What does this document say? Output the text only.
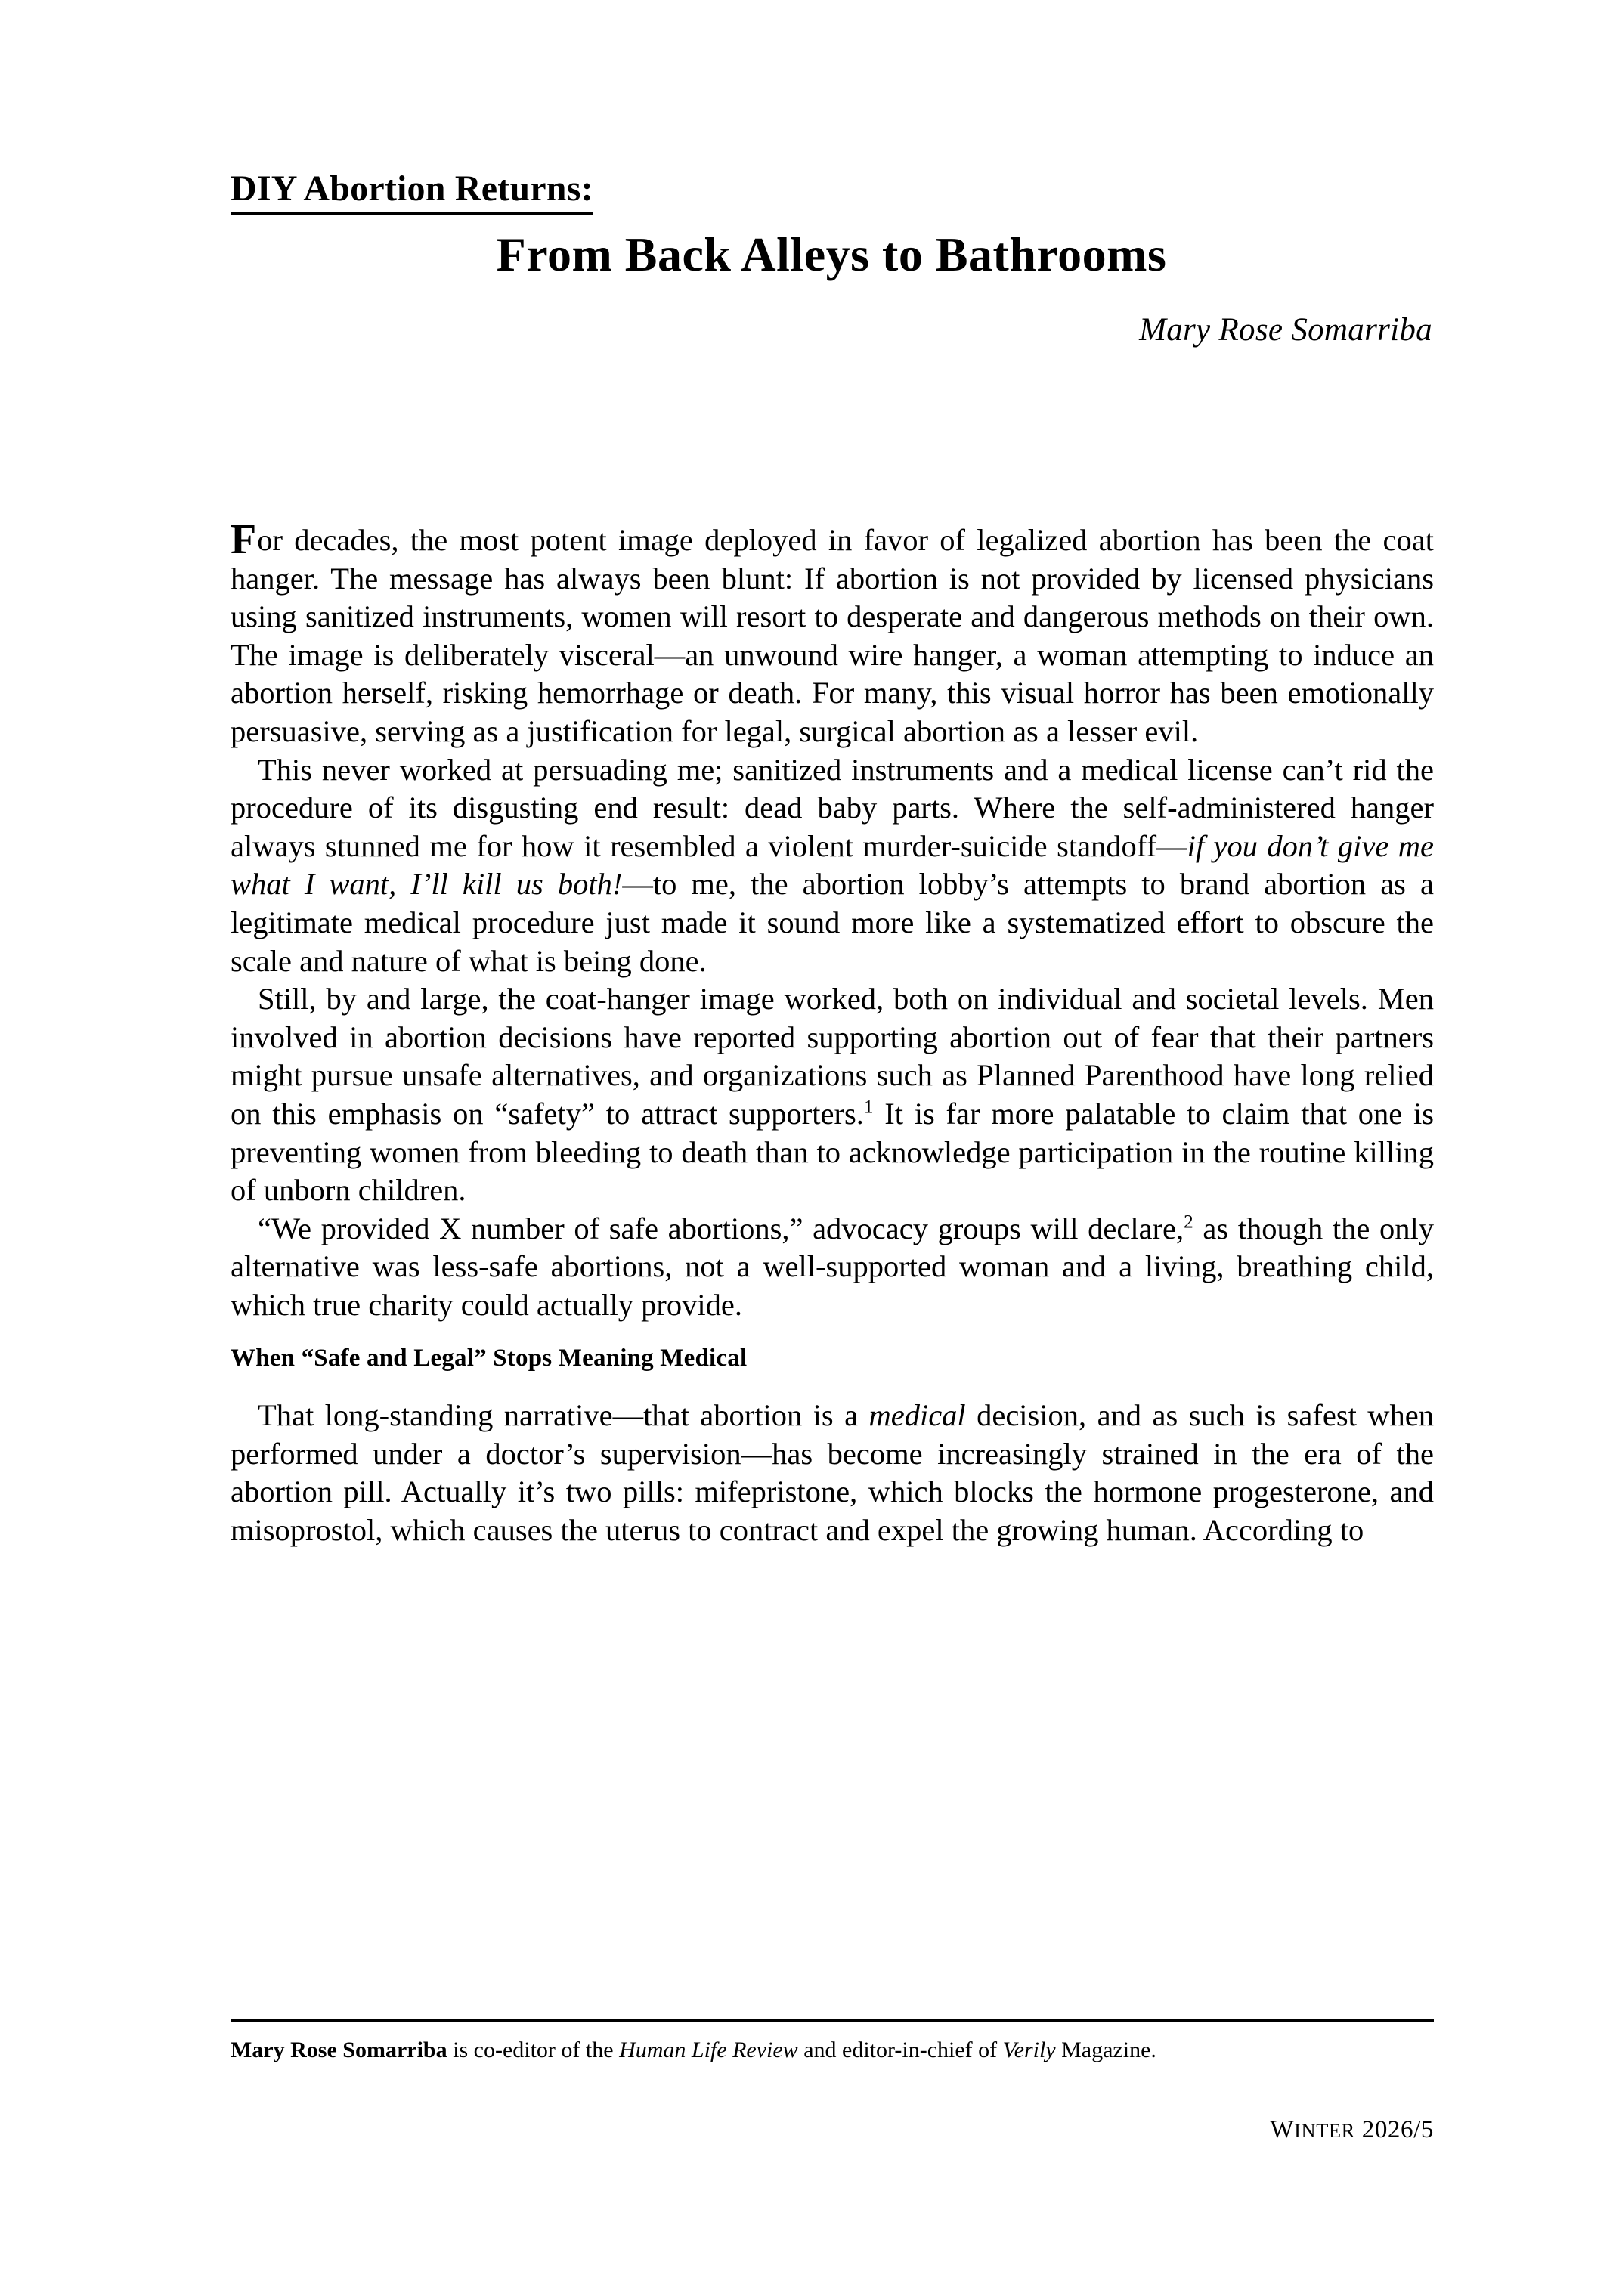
DIY Abortion Returns:
From Back Alleys to Bathrooms
Mary Rose Somarriba

For decades, the most potent image deployed in favor of legalized abortion has been the coat hanger. The message has always been blunt: If abortion is not provided by licensed physicians using sanitized instruments, women will resort to desperate and dangerous methods on their own. The image is deliberately visceral—an unwound wire hanger, a woman attempting to induce an abortion herself, risking hemorrhage or death. For many, this visual horror has been emotionally persuasive, serving as a justification for legal, surgical abortion as a lesser evil.

This never worked at persuading me; sanitized instruments and a medical license can’t rid the procedure of its disgusting end result: dead baby parts. Where the self-administered hanger always stunned me for how it resembled a violent murder-suicide standoff—if you don’t give me what I want, I’ll kill us both!—to me, the abortion lobby’s attempts to brand abortion as a legitimate medical procedure just made it sound more like a systematized effort to obscure the scale and nature of what is being done.

Still, by and large, the coat-hanger image worked, both on individual and societal levels. Men involved in abortion decisions have reported supporting abortion out of fear that their partners might pursue unsafe alternatives, and organizations such as Planned Parenthood have long relied on this emphasis on “safety” to attract supporters.$^1$ It is far more palatable to claim that one is preventing women from bleeding to death than to acknowledge participation in the routine killing of unborn children.

“We provided X number of safe abortions,” advocacy groups will declare,$^2$ as though the only alternative was less-safe abortions, not a well-supported woman and a living, breathing child, which true charity could actually provide.

When “Safe and Legal” Stops Meaning Medical

That long-standing narrative—that abortion is a medical decision, and as such is safest when performed under a doctor’s supervision—has become increasingly strained in the era of the abortion pill. Actually it’s two pills: mifepristone, which blocks the hormone progesterone, and misoprostol, which causes the uterus to contract and expel the growing human. According to

Mary Rose Somarriba is co-editor of the Human Life Review and editor-in-chief of Verily Magazine.
WINTER 2026/5
